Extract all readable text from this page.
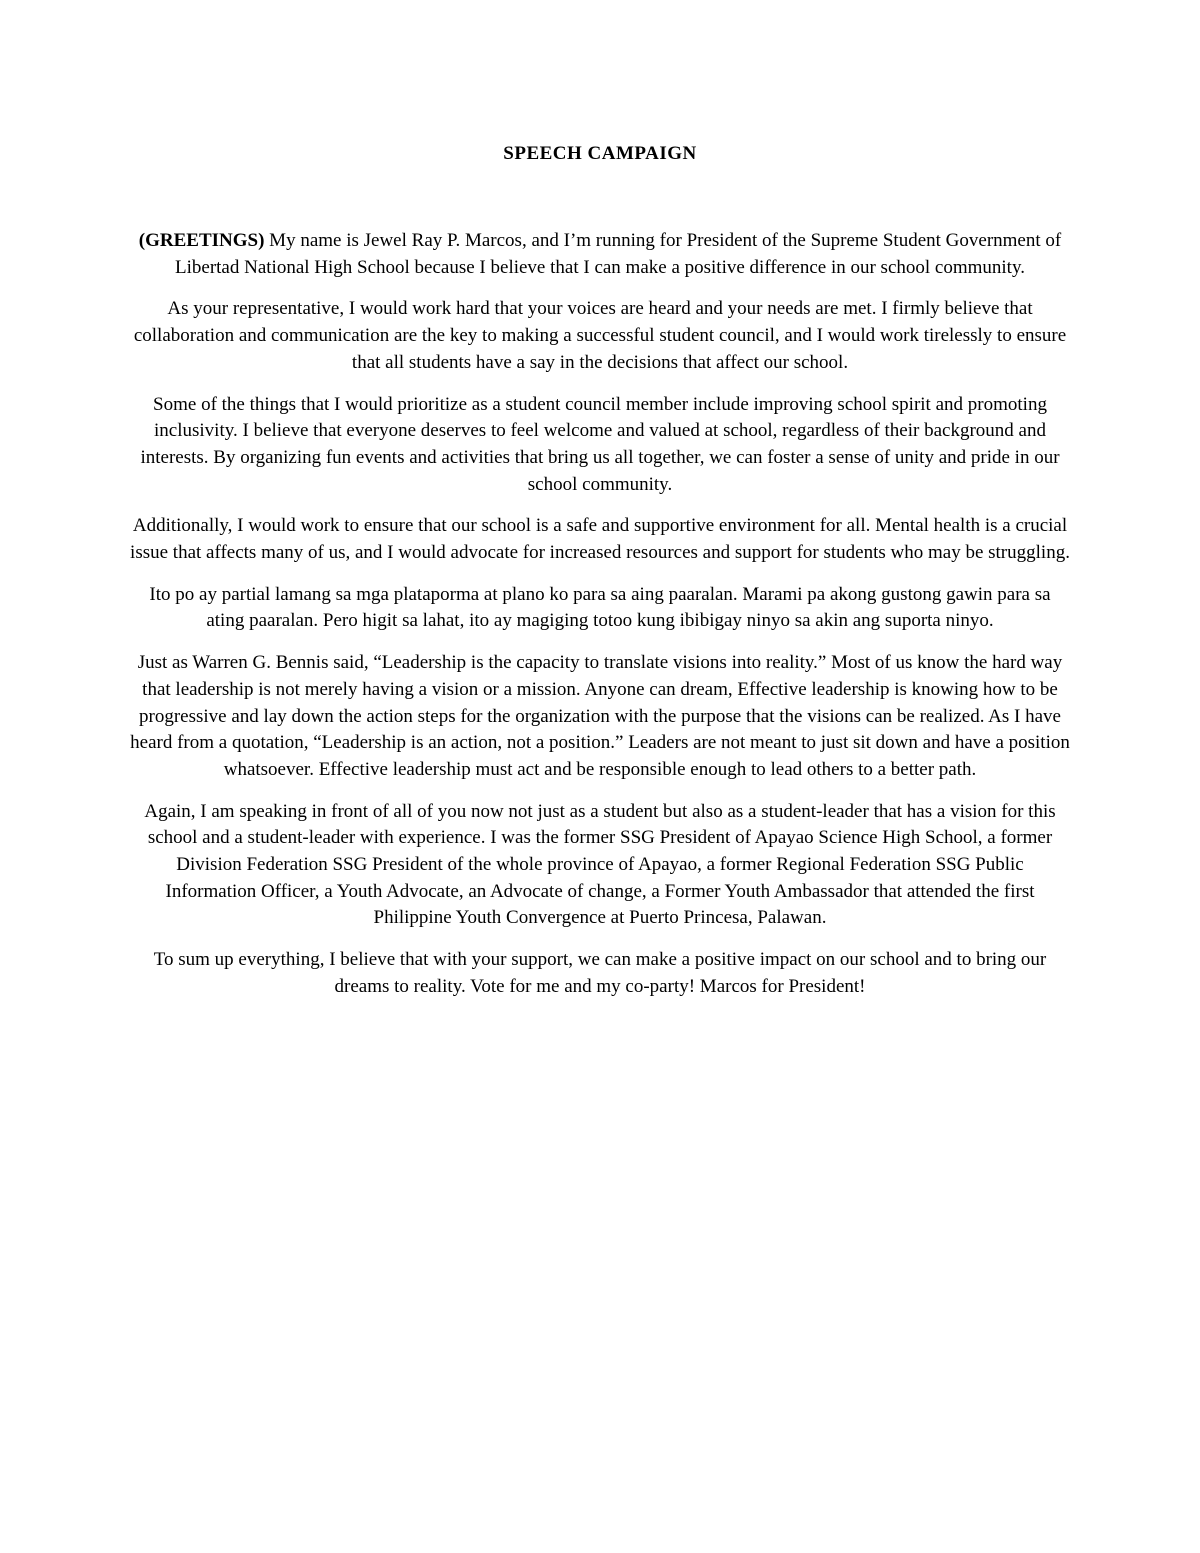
SPEECH CAMPAIGN

(GREETINGS) My name is Jewel Ray P. Marcos, and I’m running for President of the Supreme Student Government of Libertad National High School because I believe that I can make a positive difference in our school community.

As your representative, I would work hard that your voices are heard and your needs are met. I firmly believe that collaboration and communication are the key to making a successful student council, and I would work tirelessly to ensure that all students have a say in the decisions that affect our school.

Some of the things that I would prioritize as a student council member include improving school spirit and promoting inclusivity. I believe that everyone deserves to feel welcome and valued at school, regardless of their background and interests. By organizing fun events and activities that bring us all together, we can foster a sense of unity and pride in our school community.

Additionally, I would work to ensure that our school is a safe and supportive environment for all. Mental health is a crucial issue that affects many of us, and I would advocate for increased resources and support for students who may be struggling.

Ito po ay partial lamang sa mga plataporma at plano ko para sa aing paaralan. Marami pa akong gustong gawin para sa ating paaralan. Pero higit sa lahat, ito ay magiging totoo kung ibibigay ninyo sa akin ang suporta ninyo.

Just as Warren G. Bennis said, “Leadership is the capacity to translate visions into reality.” Most of us know the hard way that leadership is not merely having a vision or a mission. Anyone can dream, Effective leadership is knowing how to be progressive and lay down the action steps for the organization with the purpose that the visions can be realized. As I have heard from a quotation, “Leadership is an action, not a position.” Leaders are not meant to just sit down and have a position whatsoever. Effective leadership must act and be responsible enough to lead others to a better path.

Again, I am speaking in front of all of you now not just as a student but also as a student-leader that has a vision for this school and a student-leader with experience. I was the former SSG President of Apayao Science High School, a former Division Federation SSG President of the whole province of Apayao, a former Regional Federation SSG Public Information Officer, a Youth Advocate, an Advocate of change, a Former Youth Ambassador that attended the first Philippine Youth Convergence at Puerto Princesa, Palawan.

To sum up everything, I believe that with your support, we can make a positive impact on our school and to bring our dreams to reality. Vote for me and my co-party! Marcos for President!
